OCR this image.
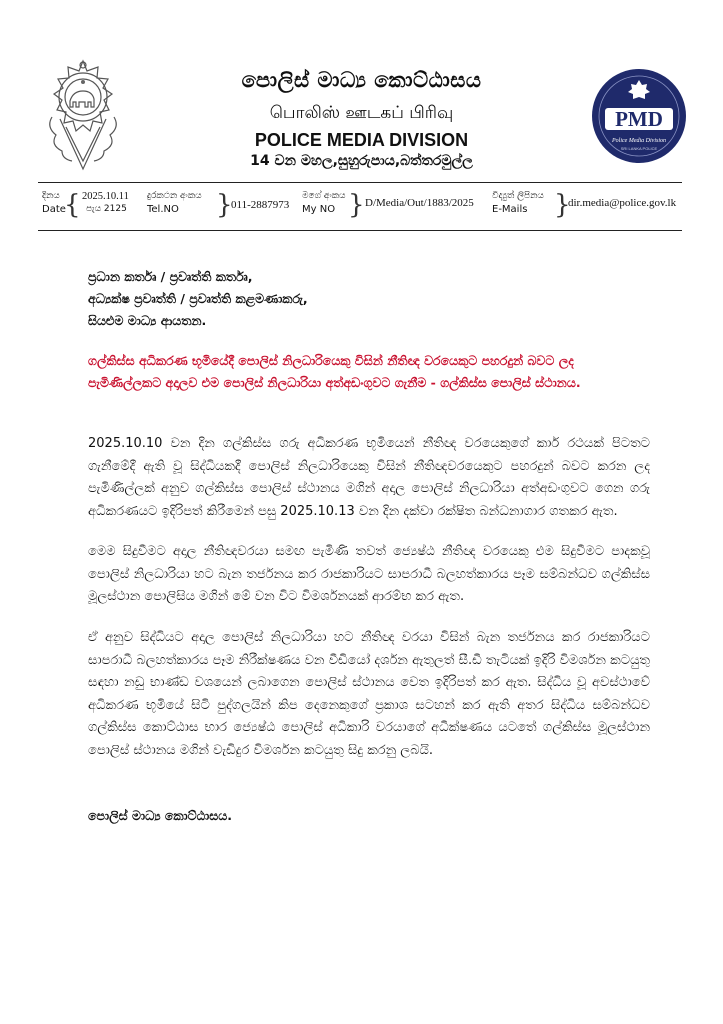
පොලිස් මාධ්‍ය කොට්ඨාසය
பொலிஸ் ஊடகப் பிரிவு
POLICE MEDIA DIVISION
14 වන මහල,සුහුරුපාය,බත්තරමුල්ල
PMD
Police Media Division
SRI LANKA POLICE
දිනය
Date
{ 2025.10.11
පැය 2125
දුරකථන අංකය
Tel.NO	}
011-2887973
මගේ අංකය
My NO } D/Media/Out/1883/2025
විද්‍යුත් ලිපිනය
E-Mails	}
dir.media@police.gov.lk
ප්‍රධාන කර්තෘ / ප්‍රවෘත්ති කර්තෘ,
අධ්‍යක්ෂ ප්‍රවෘත්ති / ප්‍රවෘත්ති කළමණාකරු,
සියළුම මාධ්‍ය ආයතන.
ගල්කිස්ස අධිකරණ භූමියේදී පොලිස් නිලධාරියෙකු විසින් නීතිඥ වරයෙකුට පහරදුන් බවට ලද පැමිණිල්ලකට අදාලව එම පොලිස් නිලධාරියා අත්අඩංගුවට ගැනීම - ගල්කිස්ස පොලිස් ස්ථානය.
2025.10.10 වන දින ගල්කිස්ස ගරු අධිකරණ භූමියෙන් නීතිඥ වරයෙකුගේ කාර් රථයක් පිටතට ගැනීමේදී ඇති වූ සිද්ධියකදී පොලිස් නිලධාරියෙකු විසින් නීතිඥවරයෙකුට පහරදුන් බවට කරන ලද පැමිණිල්ලක් අනුව ගල්කිස්ස පොලිස් ස්ථානය මගින් අදාල පොලිස් නිලධාරියා අත්අඩංගුවට ගෙන ගරු අධිකරණයට ඉදිරිපත් කිරීමෙන් පසු 2025.10.13 වන දින දක්වා රක්ෂිත බන්ධනාගාර ගතකර ඇත.
මෙම සිදුවීමට අදාල නීතිඥවරයා සමඟ පැමිණි තවත් ජ්‍යෙෂ්ඨ නීතිඥ වරයෙකු එම සිදුවීමට පාදකවූ පොලිස් නිලධාරියා හට බැන තර්ජනය කර රාජකාරියට සාපරාධී බලහත්කාරය පෑම සම්බන්ධව ගල්කිස්ස මූලස්ථාන පොලිසිය මගින් මේ වන විට විමර්ශනයක් ආරම්භ කර ඇත.
ඒ අනුව සිද්ධියට අදාල පොලිස් නිලධාරියා හට නීතිඥ වරයා විසින් බැන තර්ජනය කර රාජකාරියට සාපරාධී බලහත්කාරය පෑම නිරීක්ෂණය වන වීඩියෝ දර්ශන ඇතුලත් සී.ඩී තැටියක් ඉදිරි විමර්ශන කටයුතු සඳහා නඩු භාණ්ඩ වශයෙන් ලබාගෙන පොලිස් ස්ථානය වෙත ඉදිරිපත් කර ඇත. සිද්ධිය වූ අවස්ථාවේ අධිකරණ භූමියේ සිටි පුද්ගලයින් කිප දෙනෙකුගේ ප්‍රකාශ සටහන් කර ඇති අතර සිද්ධිය සම්බන්ධව ගල්කිස්ස කොට්ඨාස භාර ජ්‍යෙෂ්ඨ පොලිස් අධිකාරි වරයාගේ අධීක්ෂණය යටතේ ගල්කිස්ස මූලස්ථාන පොලිස් ස්ථානය මගින් වැඩිදුර විමර්ශන කටයුතු සිදු කරනු ලබයි.
පොලිස් මාධ්‍ය කොට්ඨාසය.
